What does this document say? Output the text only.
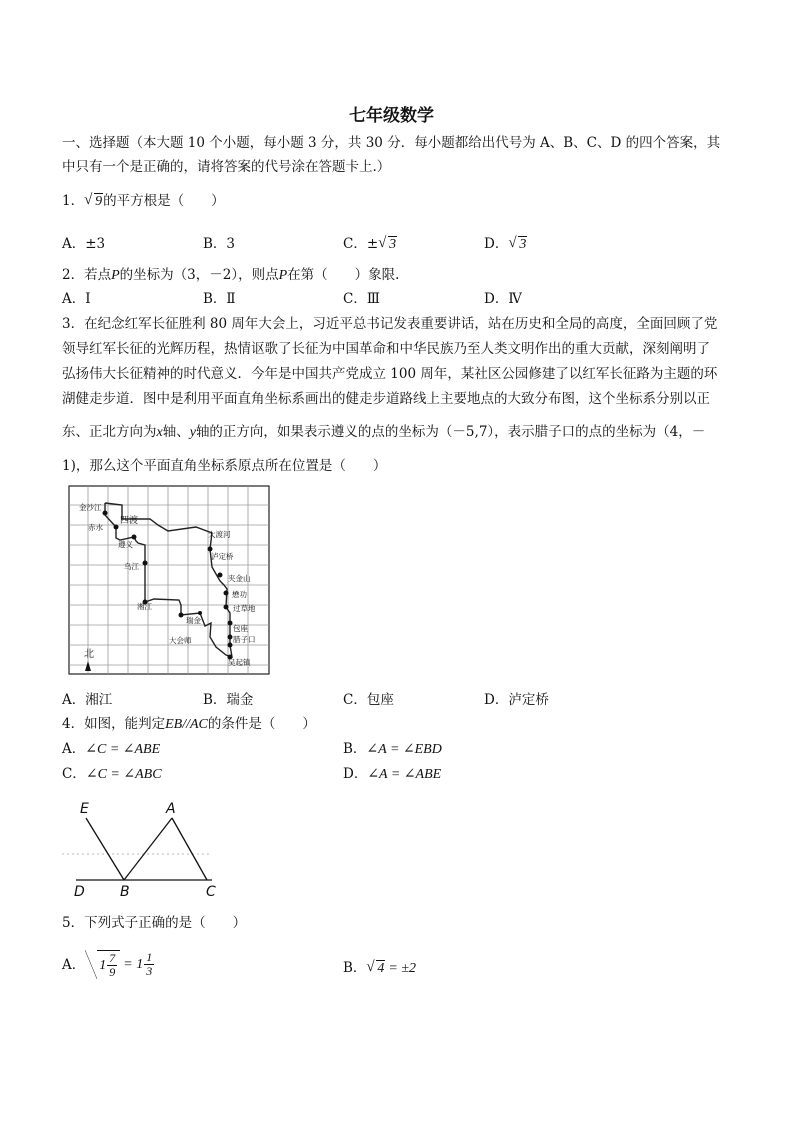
七年级数学
一、选择题（本大题 10 个小题，每小题 3 分，共 30 分．每小题都给出代号为 A、B、C、D 的四个答案，其
中只有一个是正确的，请将答案的代号涂在答题卡上.）
1． √ 9的平方根是（　　）
A．±3	B．3	C．± √ 3	D． √ 3
2．若点P的坐标为（3，－2），则点P在第（　　）象限.
A．Ⅰ	B．Ⅱ	C．Ⅲ	D．Ⅳ
3．在纪念红军长征胜利 80 周年大会上，习近平总书记发表重要讲话，站在历史和全局的高度，全面回顾了党
领导红军长征的光辉历程，热情讴歌了长征为中国革命和中华民族乃至人类文明作出的重大贡献，深刻阐明了
弘扬伟大长征精神的时代意义．今年是中国共产党成立 100 周年，某社区公园修建了以红军长征路为主题的环
湖健走步道．图中是利用平面直角坐标系画出的健走步道路线上主要地点的大致分布图，这个坐标系分别以正
东、正北方向为x轴、y轴的正方向，如果表示遵义的点的坐标为（－5,7），表示腊子口的点的坐标为（4，－
1)，那么这个平面直角坐标系原点所在位置是（　　）
金沙江
赤水
遵义
乌江
湘江
瑞金
大会师
大渡河
泸定桥
夹金山
懋功
过草地
包座
腊子口
吴起镇
四渡
北
A．湘江	B．瑞金	C．包座	D．泸定桥
4．如图，能判定EB//AC的条件是（　　）
A．∠C = ∠ABE	B．∠A = ∠EBD
C．∠C = ∠ABC	D．∠A = ∠ABE
E	A
D	B	C
5．下列式子正确的是（　　）
A． $1 \frac{7}{9} = 1 \frac{1}{3}$	B． √ 4 = ±2
